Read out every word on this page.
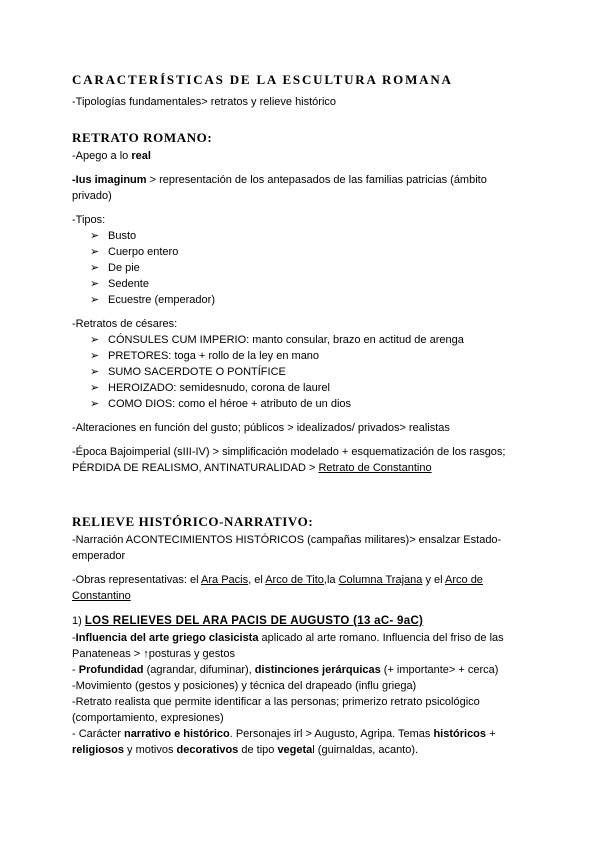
CARACTERÍSTICAS DE LA ESCULTURA ROMANA
-Tipologías fundamentales> retratos y relieve histórico
RETRATO ROMANO:
-Apego a lo real
-Ius imaginum > representación de los antepasados de las familias patricias (ámbito
privado)
-Tipos:
➢ Busto
➢ Cuerpo entero
➢ De pie
➢ Sedente
➢ Ecuestre (emperador)
-Retratos de césares:
➢ CÓNSULES CUM IMPERIO: manto consular, brazo en actitud de arenga
➢ PRETORES: toga + rollo de la ley en mano
➢ SUMO SACERDOTE O PONTÍFICE
➢ HEROIZADO: semidesnudo, corona de laurel
➢ COMO DIOS: como el héroe + atributo de un dios
-Alteraciones en función del gusto; públicos > idealizados/ privados> realistas
-Época Bajoimperial (sIII-IV) > simplificación modelado + esquematización de los rasgos;
PÉRDIDA DE REALISMO, ANTINATURALIDAD > Retrato de Constantino
RELIEVE HISTÓRICO-NARRATIVO:
-Narración ACONTECIMIENTOS HISTÓRICOS (campañas militares)> ensalzar Estado-
emperador
-Obras representativas: el Ara Pacis, el Arco de Tito,la Columna Trajana y el Arco de
Constantino
1) LOS RELIEVES DEL ARA PACIS DE AUGUSTO (13 aC- 9aC)
-Influencia del arte griego clasicista aplicado al arte romano. Influencia del friso de las
Panateneas > ↑posturas y gestos
- Profundidad (agrandar, difuminar), distinciones jerárquicas (+ importante> + cerca)
-Movimiento (gestos y posiciones) y técnica del drapeado (influ griega)
-Retrato realista que permite identificar a las personas; primerizo retrato psicológico
(comportamiento, expresiones)
- Carácter narrativo e histórico. Personajes irl > Augusto, Agripa. Temas históricos +
religiosos y motivos decorativos de tipo vegetal (guirnaldas, acanto).
